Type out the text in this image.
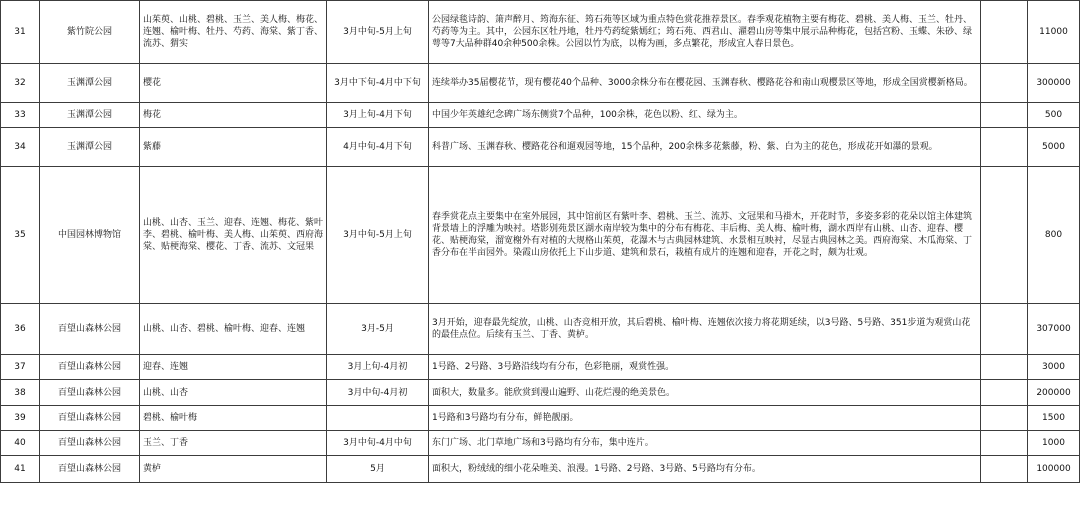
31	紫竹院公园	山茱萸、山桃、碧桃、玉兰、美人梅、梅花、连翘、榆叶梅、牡丹、芍药、海棠、紫丁香、流苏、猬实	3月中旬-5月上旬	公园绿毯诗韵、箫声醉月、筠海东征、筠石苑等区域为重点特色赏花推荐景区。春季观花植物主要有梅花、碧桃、美人梅、玉兰、牡丹、芍药等为主。其中，公园东区牡丹地，牡丹芍药绽紫嫣红；筠石苑、西君山、濯碧山房等集中展示品种梅花，包括宫粉、玉蝶、朱砂、绿萼等7大品种群40余种500余株。公园以竹为底，以梅为画，多点繁花，形成宜人春日景色。		11000
32	玉渊潭公园	樱花	3月中下旬-4月中下旬	连续举办35届樱花节，现有樱花40个品种、3000余株分布在樱花园、玉渊春秋、樱路花谷和南山观樱景区等地，形成全国赏樱新格局。		300000
33	玉渊潭公园	梅花	3月上旬-4月下旬	中国少年英雄纪念碑广场东侧赏7个品种，100余株，花色以粉、红、绿为主。		500
34	玉渊潭公园	紫藤	4月中旬-4月下旬	科普广场、玉渊春秋、樱路花谷和遛观园等地，15个品种，200余株多花紫藤，粉、紫、白为主的花色，形成花开如瀑的景观。		5000
35	中国园林博物馆	山桃、山杏、玉兰、迎春、连翘、梅花、紫叶李、碧桃、榆叶梅、美人梅、山茱萸、西府海棠、贴梗海棠、樱花、丁香、流苏、文冠果	3月中旬-5月上旬	春季赏花点主要集中在室外展园，其中馆前区有紫叶李、碧桃、玉兰、流苏、文冠果和马褂木，开花时节，多姿多彩的花朵以馆主体建筑背景墙上的浮雕为映衬。塔影别苑景区湖水南岸较为集中的分布有梅花、丰后梅、美人梅、榆叶梅，湖水西岸有山桃、山杏、迎春、樱花、贴梗海棠，溜宽榭外有对植的大规格山茱萸，花瀑木与古典园林建筑、水景相互映衬，尽显古典园林之美。西府海棠、木瓜海棠、丁香分布在半亩园外。染霞山房依托上下山步道、建筑和景石，栽植有成片的连翘和迎春，开花之时，颇为壮观。		800
36	百望山森林公园	山桃、山杏、碧桃、榆叶梅、迎春、连翘	3月-5月	3月开始，迎春最先绽放，山桃、山杏竞相开放，其后碧桃、榆叶梅、连翘依次接力将花期延续，以3号路、5号路、351步道为观赏山花的最佳点位。后续有玉兰、丁香、黄栌。		307000
37	百望山森林公园	迎春、连翘	3月上旬-4月初	1号路、2号路、3号路沿线均有分布，色彩艳丽，观赏性强。		3000
38	百望山森林公园	山桃、山杏	3月中旬-4月初	面积大，数量多。能欣赏到漫山遍野、山花烂漫的绝美景色。		200000
39	百望山森林公园	碧桃、榆叶梅		1号路和3号路均有分布，鲜艳靓丽。		1500
40	百望山森林公园	玉兰、丁香	3月中旬-4月中旬	东门广场、北门草地广场和3号路均有分布，集中连片。		1000
41	百望山森林公园	黄栌	5月	面积大，粉绒绒的细小花朵唯美、浪漫。1号路、2号路、3号路、5号路均有分布。		100000
